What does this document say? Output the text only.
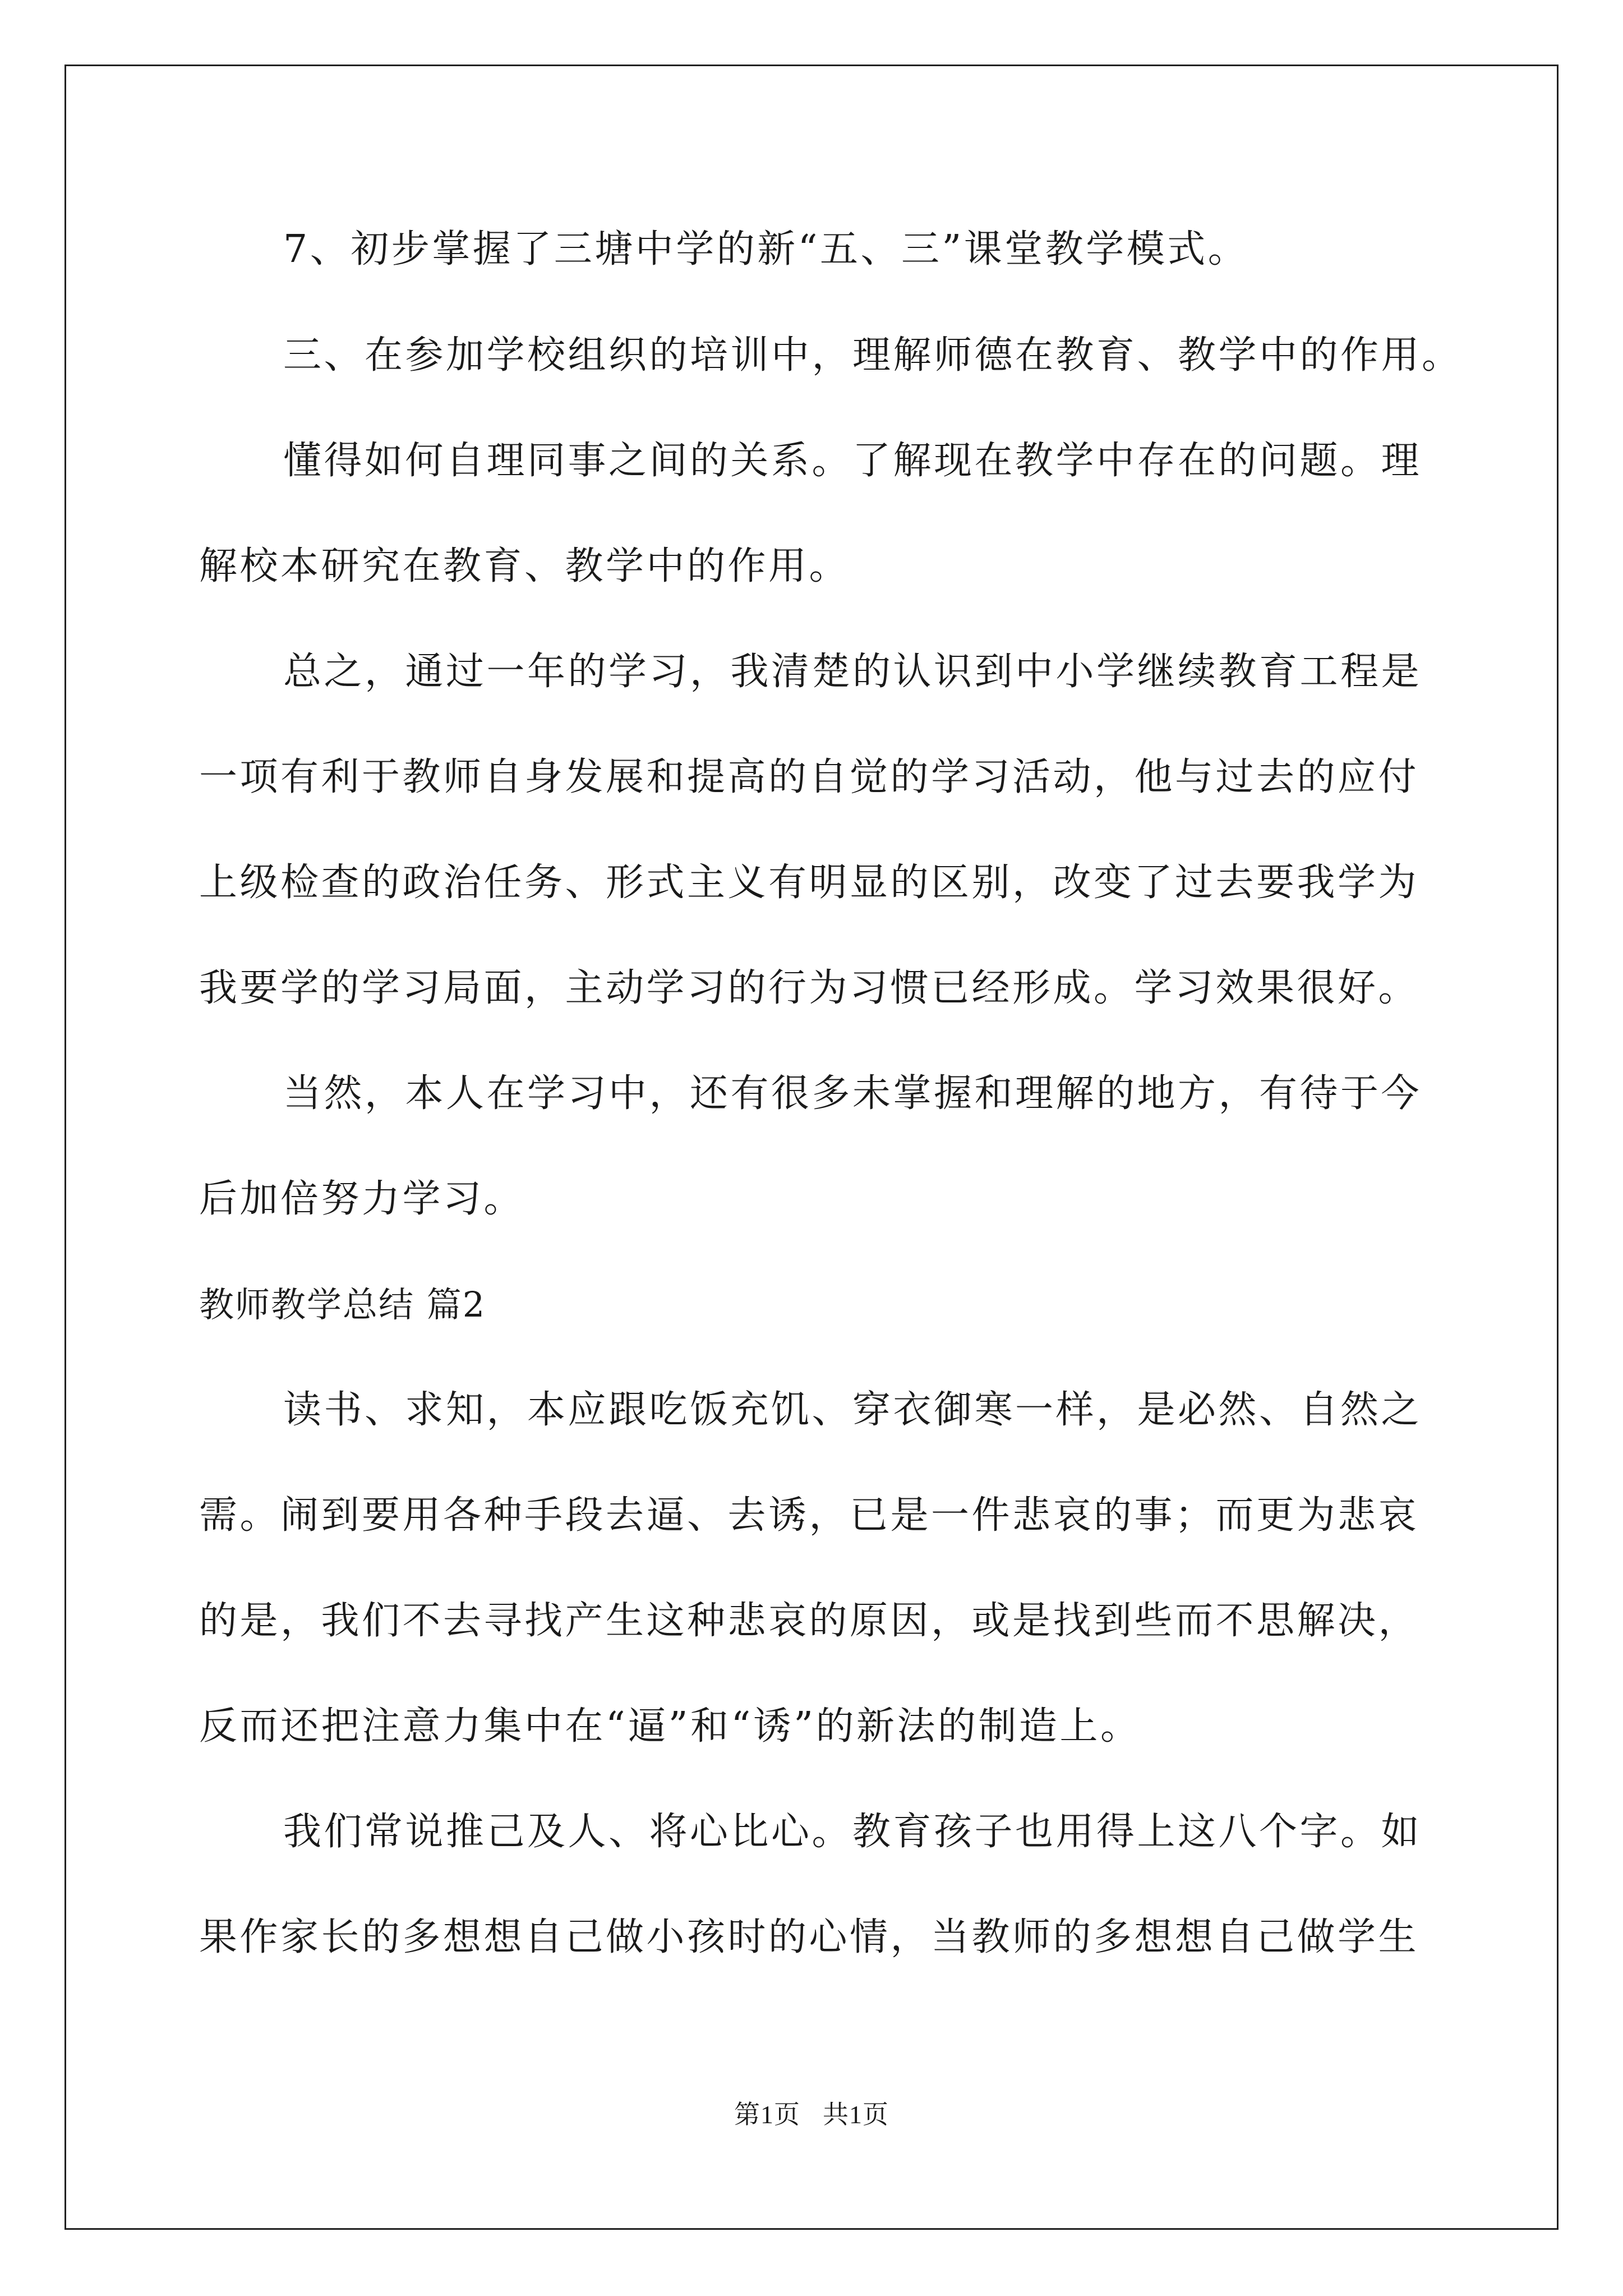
7、初步掌握了三塘中学的新“五、三”课堂教学模式。
三、在参加学校组织的培训中，理解师德在教育、教学中的作用。
懂得如何自理同事之间的关系。了解现在教学中存在的问题。理
解校本研究在教育、教学中的作用。
总之，通过一年的学习，我清楚的认识到中小学继续教育工程是
一项有利于教师自身发展和提高的自觉的学习活动，他与过去的应付
上级检查的政治任务、形式主义有明显的区别，改变了过去要我学为
我要学的学习局面，主动学习的行为习惯已经形成。学习效果很好。
当然，本人在学习中，还有很多未掌握和理解的地方，有待于今
后加倍努力学习。
教师教学总结 篇2
读书、求知，本应跟吃饭充饥、穿衣御寒一样，是必然、自然之
需。闹到要用各种手段去逼、去诱，已是一件悲哀的事；而更为悲哀
的是，我们不去寻找产生这种悲哀的原因，或是找到些而不思解决，
反而还把注意力集中在“逼”和“诱”的新法的制造上。
我们常说推己及人、将心比心。教育孩子也用得上这八个字。如
果作家长的多想想自己做小孩时的心情，当教师的多想想自己做学生
第1页 共1页
